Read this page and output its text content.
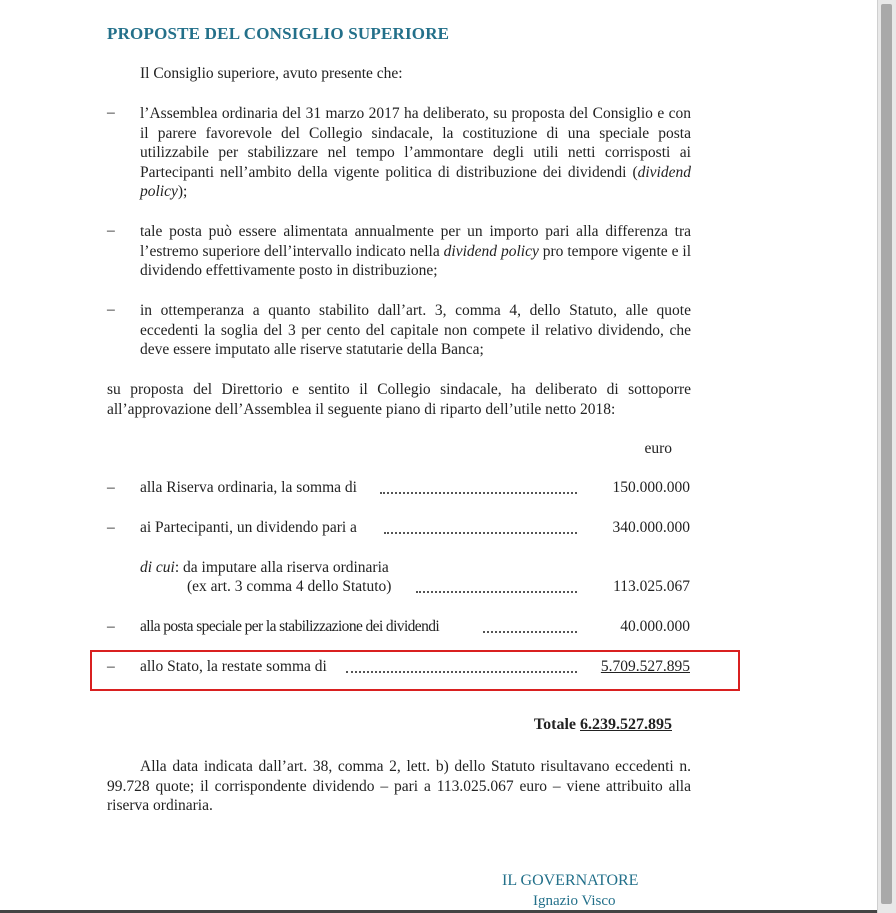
PROPOSTE DEL CONSIGLIO SUPERIORE
Il Consiglio superiore, avuto presente che:
– l’Assemblea ordinaria del 31 marzo 2017 ha deliberato, su proposta del Consiglio e con il parere favorevole del Collegio sindacale, la costituzione di una speciale posta utilizzabile per stabilizzare nel tempo l’ammontare degli utili netti corrisposti ai Partecipanti nell’ambito della vigente politica di distribuzione dei dividendi (dividend policy);
– tale posta può essere alimentata annualmente per un importo pari alla differenza tra l’estremo superiore dell’intervallo indicato nella dividend policy pro tempore vigente e il dividendo effettivamente posto in distribuzione;
– in ottemperanza a quanto stabilito dall’art. 3, comma 4, dello Statuto, alle quote eccedenti la soglia del 3 per cento del capitale non compete il relativo dividendo, che deve essere imputato alle riserve statutarie della Banca;
su proposta del Direttorio e sentito il Collegio sindacale, ha deliberato di sottoporre all’approvazione dell’Assemblea il seguente piano di riparto dell’utile netto 2018:
euro
– alla Riserva ordinaria, la somma di	150.000.000
– ai Partecipanti, un dividendo pari a	340.000.000
di cui: da imputare alla riserva ordinaria
(ex art. 3 comma 4 dello Statuto)	113.025.067
– alla posta speciale per la stabilizzazione dei dividendi	40.000.000
– allo Stato, la restate somma di	5.709.527.895
Totale 6.239.527.895
Alla data indicata dall’art. 38, comma 2, lett. b) dello Statuto risultavano eccedenti n. 99.728 quote; il corrispondente dividendo – pari a 113.025.067 euro – viene attribuito alla riserva ordinaria.
IL GOVERNATORE
Ignazio Visco
